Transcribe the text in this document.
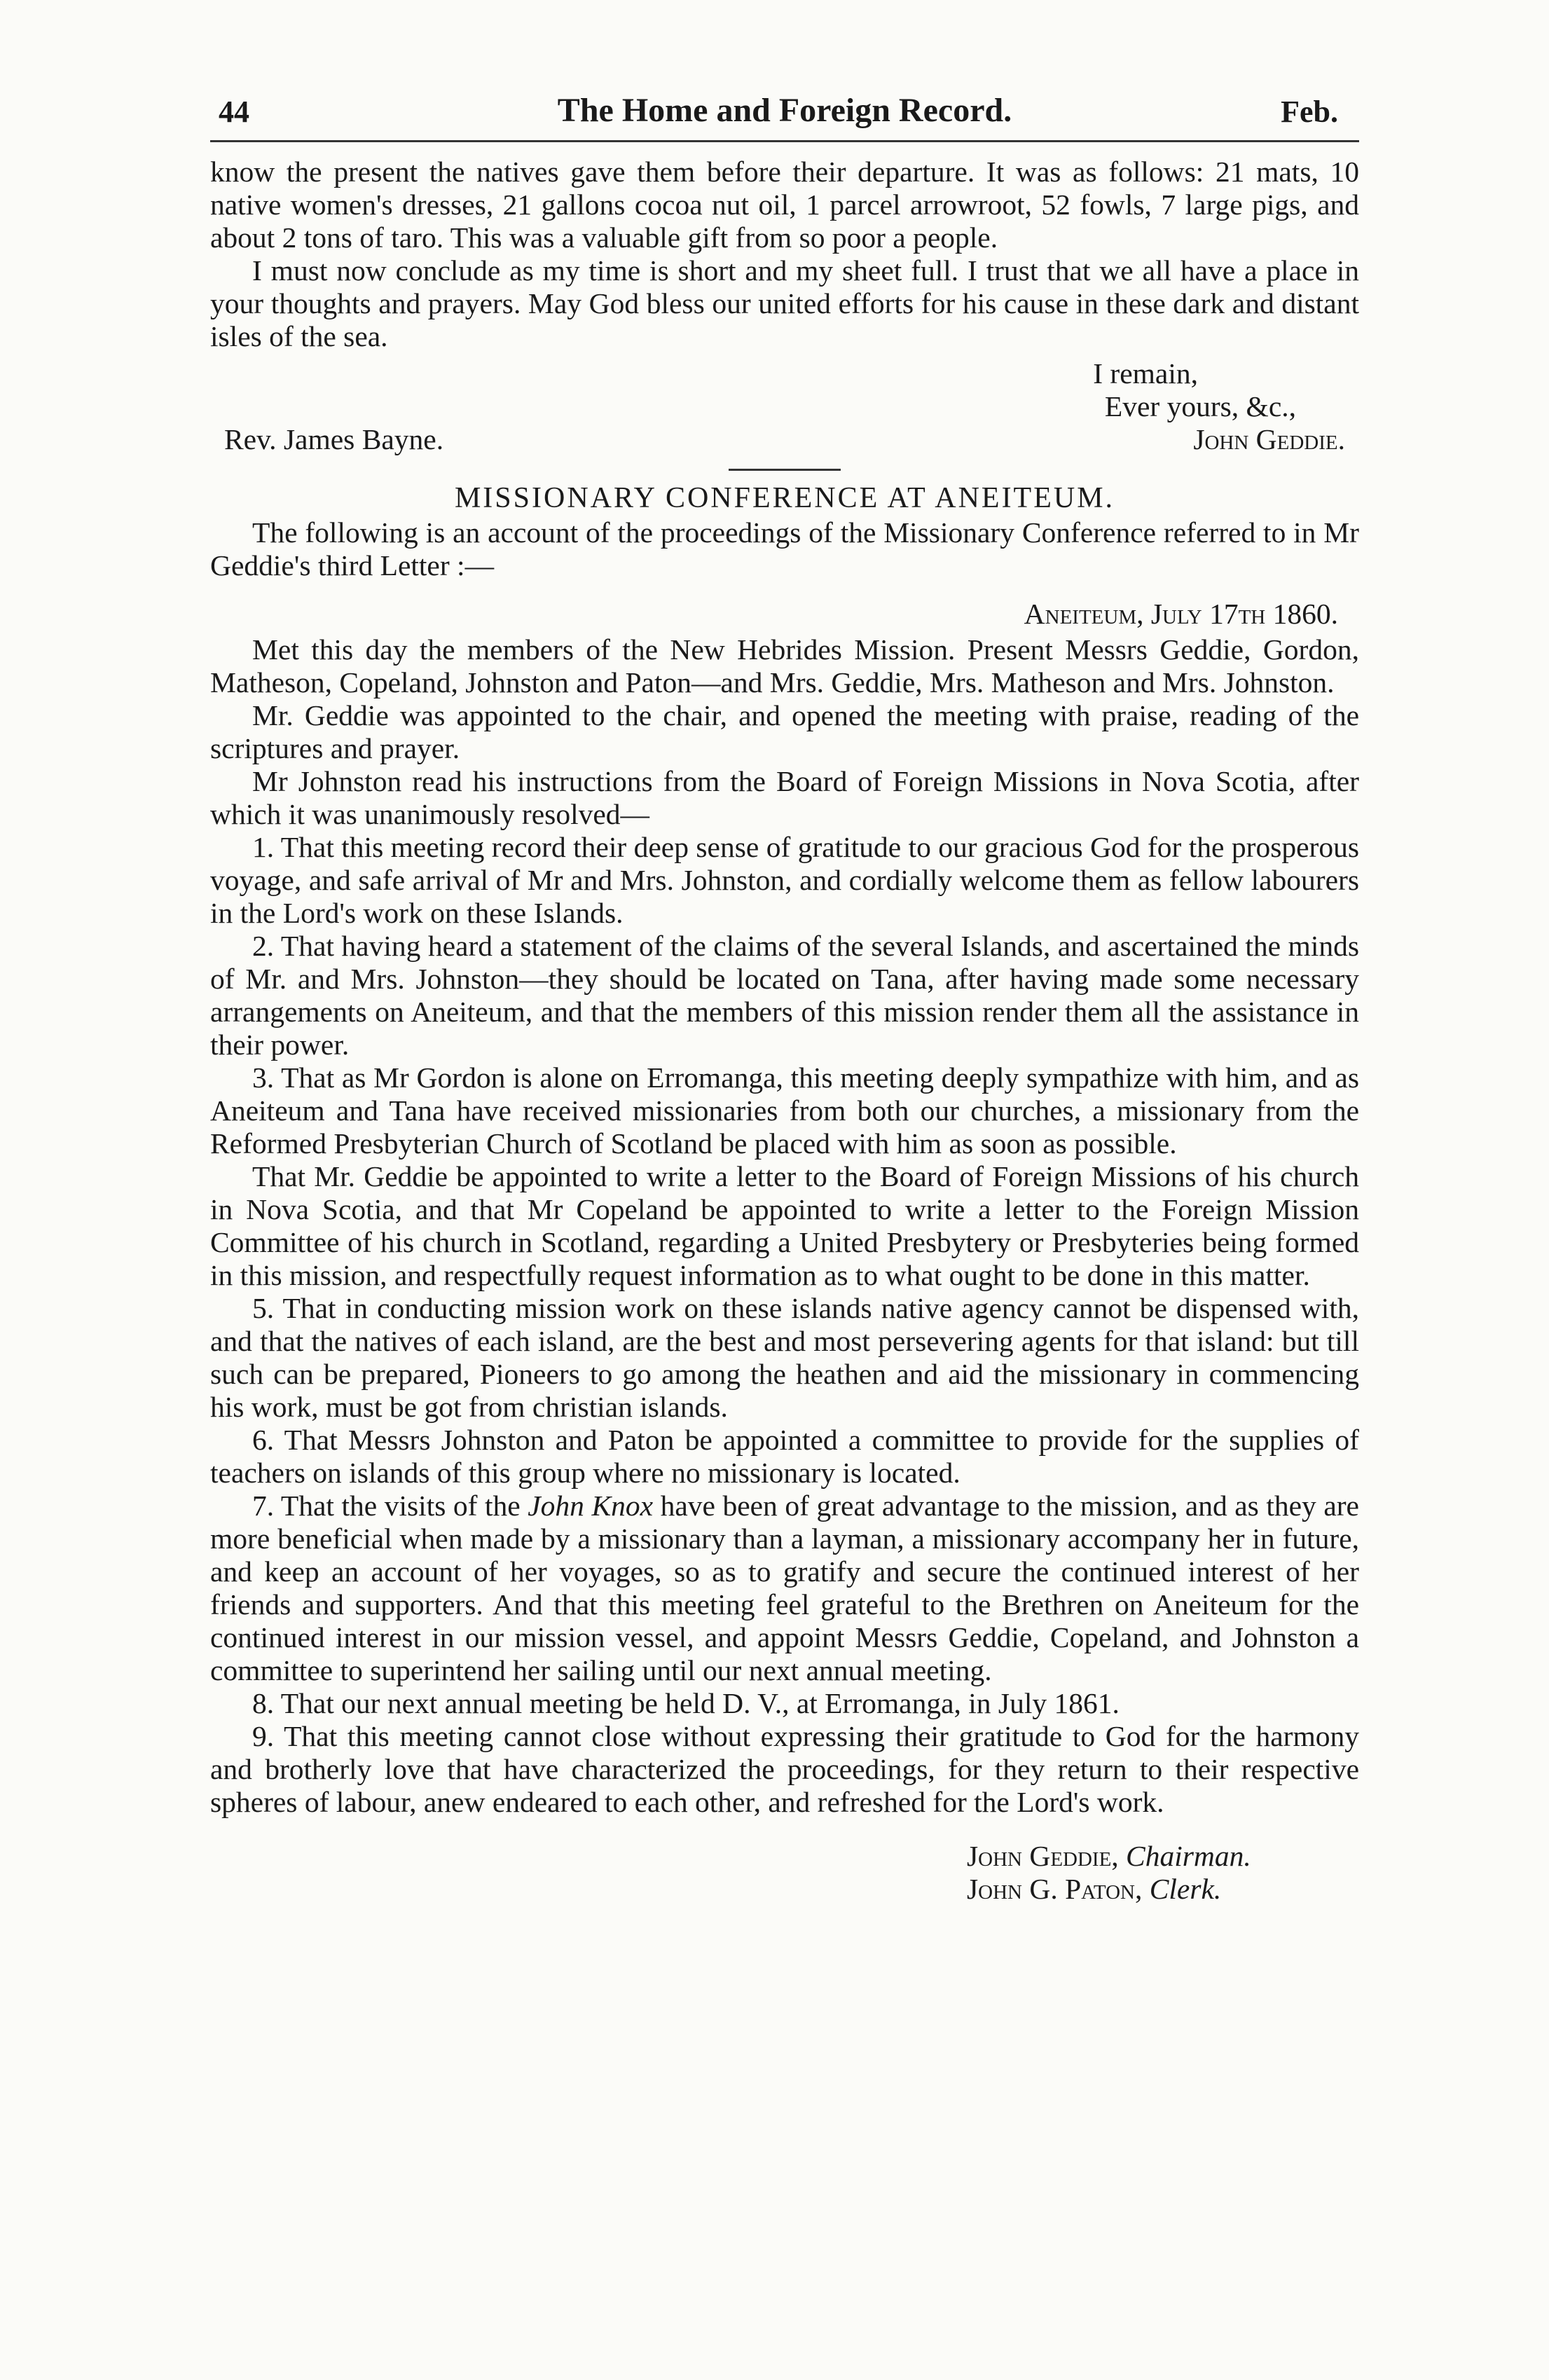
44	The Home and Foreign Record.	Feb.

know the present the natives gave them before their departure. It was as follows: 21 mats, 10 native women's dresses, 21 gallons cocoa nut oil, 1 parcel arrowroot, 52 fowls, 7 large pigs, and about 2 tons of taro. This was a valuable gift from so poor a people.

I must now conclude as my time is short and my sheet full. I trust that we all have a place in your thoughts and prayers. May God bless our united efforts for his cause in these dark and distant isles of the sea.

I remain,

Ever yours, &c.,

Rev. James Bayne.	John Geddie.

MISSIONARY CONFERENCE AT ANEITEUM.

The following is an account of the proceedings of the Missionary Conference referred to in Mr Geddie's third Letter :—

Aneiteum, July 17th 1860.

Met this day the members of the New Hebrides Mission. Present Messrs Geddie, Gordon, Matheson, Copeland, Johnston and Paton—and Mrs. Geddie, Mrs. Matheson and Mrs. Johnston.

Mr. Geddie was appointed to the chair, and opened the meeting with praise, reading of the scriptures and prayer.

Mr Johnston read his instructions from the Board of Foreign Missions in Nova Scotia, after which it was unanimously resolved—

1. That this meeting record their deep sense of gratitude to our gracious God for the prosperous voyage, and safe arrival of Mr and Mrs. Johnston, and cordially welcome them as fellow labourers in the Lord's work on these Islands.

2. That having heard a statement of the claims of the several Islands, and ascertained the minds of Mr. and Mrs. Johnston—they should be located on Tana, after having made some necessary arrangements on Aneiteum, and that the members of this mission render them all the assistance in their power.

3. That as Mr Gordon is alone on Erromanga, this meeting deeply sympathize with him, and as Aneiteum and Tana have received missionaries from both our churches, a missionary from the Reformed Presbyterian Church of Scotland be placed with him as soon as possible.

That Mr. Geddie be appointed to write a letter to the Board of Foreign Missions of his church in Nova Scotia, and that Mr Copeland be appointed to write a letter to the Foreign Mission Committee of his church in Scotland, regarding a United Presbytery or Presbyteries being formed in this mission, and respectfully request information as to what ought to be done in this matter.

5. That in conducting mission work on these islands native agency cannot be dispensed with, and that the natives of each island, are the best and most persevering agents for that island: but till such can be prepared, Pioneers to go among the heathen and aid the missionary in commencing his work, must be got from christian islands.

6. That Messrs Johnston and Paton be appointed a committee to provide for the supplies of teachers on islands of this group where no missionary is located.

7. That the visits of the John Knox have been of great advantage to the mission, and as they are more beneficial when made by a missionary than a layman, a missionary accompany her in future, and keep an account of her voyages, so as to gratify and secure the continued interest of her friends and supporters. And that this meeting feel grateful to the Brethren on Aneiteum for the continued interest in our mission vessel, and appoint Messrs Geddie, Copeland, and Johnston a committee to superintend her sailing until our next annual meeting.

8. That our next annual meeting be held D. V., at Erromanga, in July 1861.

9. That this meeting cannot close without expressing their gratitude to God for the harmony and brotherly love that have characterized the proceedings, for they return to their respective spheres of labour, anew endeared to each other, and refreshed for the Lord's work.

John Geddie, Chairman.

John G. Paton, Clerk.
